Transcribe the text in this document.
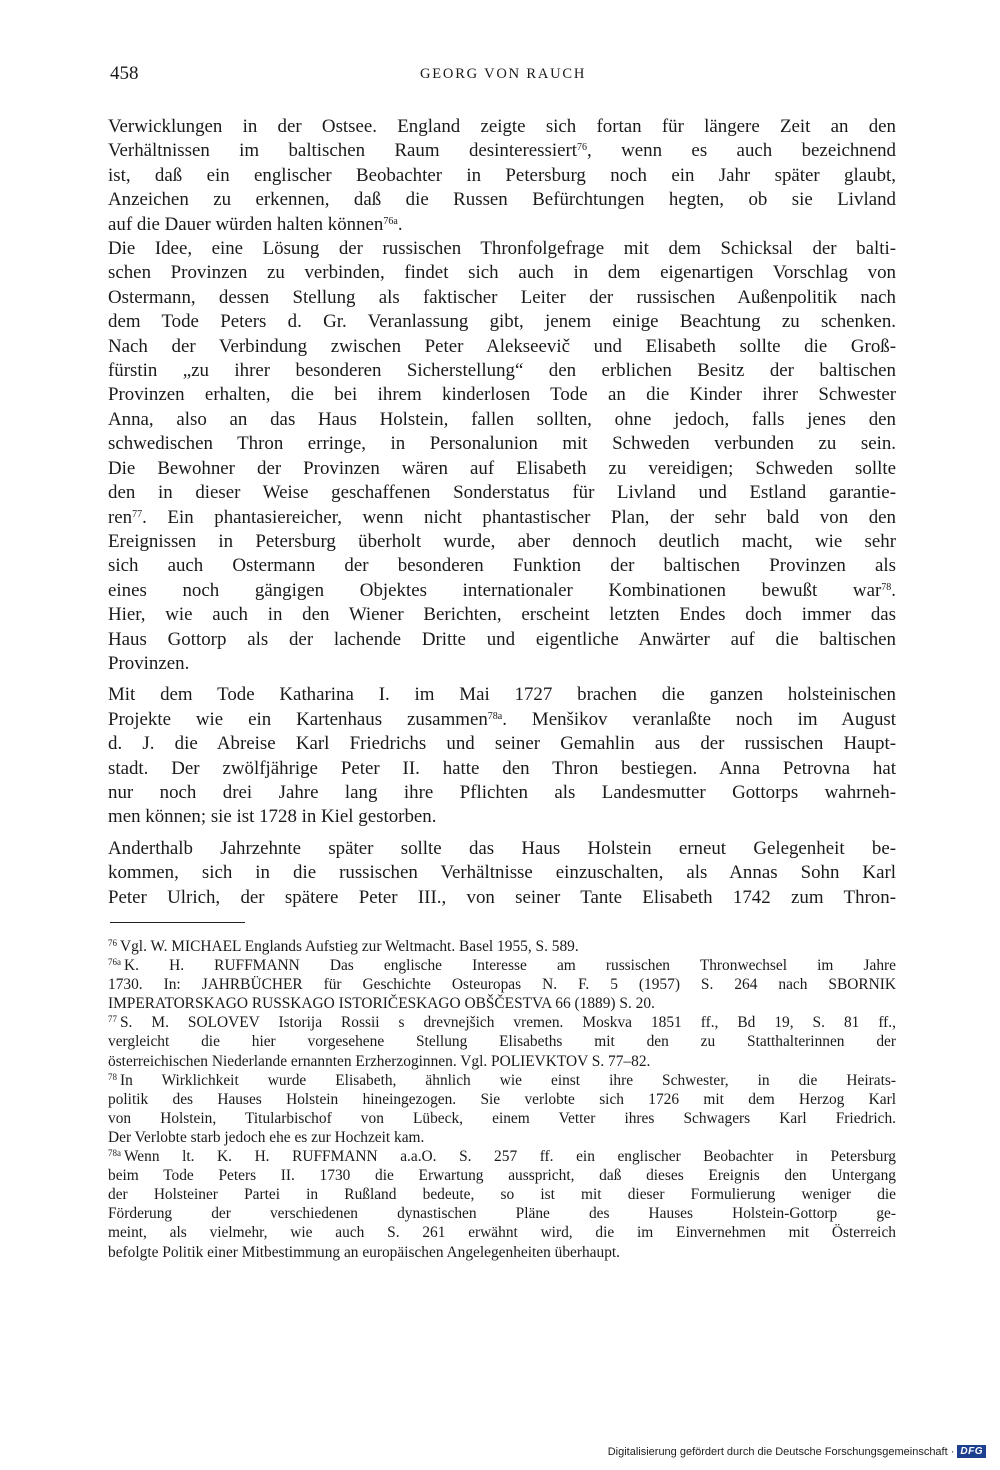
458	GEORG VON RAUCH

Verwicklungen in der Ostsee. England zeigte sich fortan für längere Zeit an den
Verhältnissen im baltischen Raum desinteressiert$^{76}$, wenn es auch bezeichnend
ist, daß ein englischer Beobachter in Petersburg noch ein Jahr später glaubt,
Anzeichen zu erkennen, daß die Russen Befürchtungen hegten, ob sie Livland
auf die Dauer würden halten können$^{76a}$.

Die Idee, eine Lösung der russischen Thronfolgefrage mit dem Schicksal der balti-
schen Provinzen zu verbinden, findet sich auch in dem eigenartigen Vorschlag von
Ostermann, dessen Stellung als faktischer Leiter der russischen Außenpolitik nach
dem Tode Peters d. Gr. Veranlassung gibt, jenem einige Beachtung zu schenken.
Nach der Verbindung zwischen Peter Alekseevič und Elisabeth sollte die Groß-
fürstin „zu ihrer besonderen Sicherstellung“ den erblichen Besitz der baltischen
Provinzen erhalten, die bei ihrem kinderlosen Tode an die Kinder ihrer Schwester
Anna, also an das Haus Holstein, fallen sollten, ohne jedoch, falls jenes den
schwedischen Thron erringe, in Personalunion mit Schweden verbunden zu sein.
Die Bewohner der Provinzen wären auf Elisabeth zu vereidigen; Schweden sollte
den in dieser Weise geschaffenen Sonderstatus für Livland und Estland garantie-
ren$^{77}$. Ein phantasiereicher, wenn nicht phantastischer Plan, der sehr bald von den
Ereignissen in Petersburg überholt wurde, aber dennoch deutlich macht, wie sehr
sich auch Ostermann der besonderen Funktion der baltischen Provinzen als
eines noch gängigen Objektes internationaler Kombinationen bewußt war$^{78}$.
Hier, wie auch in den Wiener Berichten, erscheint letzten Endes doch immer das
Haus Gottorp als der lachende Dritte und eigentliche Anwärter auf die baltischen
Provinzen.

Mit dem Tode Katharina I. im Mai 1727 brachen die ganzen holsteinischen
Projekte wie ein Kartenhaus zusammen$^{78a}$. Menšikov veranlaßte noch im August
d. J. die Abreise Karl Friedrichs und seiner Gemahlin aus der russischen Haupt-
stadt. Der zwölfjährige Peter II. hatte den Thron bestiegen. Anna Petrovna hat
nur noch drei Jahre lang ihre Pflichten als Landesmutter Gottorps wahrneh-
men können; sie ist 1728 in Kiel gestorben.

Anderthalb Jahrzehnte später sollte das Haus Holstein erneut Gelegenheit be-
kommen, sich in die russischen Verhältnisse einzuschalten, als Annas Sohn Karl
Peter Ulrich, der spätere Peter III., von seiner Tante Elisabeth 1742 zum Thron-

$^{76}$ Vgl. W. MICHAEL Englands Aufstieg zur Weltmacht. Basel 1955, S. 589.
$^{76a}$ K. H. RUFFMANN Das englische Interesse am russischen Thronwechsel im Jahre
1730. In: JAHRBÜCHER für Geschichte Osteuropas N. F. 5 (1957) S. 264 nach SBORNIK
IMPERATORSKAGO RUSSKAGO ISTORIČESKAGO OBŠČESTVA 66 (1889) S. 20.
$^{77}$ S. M. SOLOVEV Istorija Rossii s drevnejšich vremen. Moskva 1851 ff., Bd 19, S. 81 ff.,
vergleicht die hier vorgesehene Stellung Elisabeths mit den zu Statthalterinnen der
österreichischen Niederlande ernannten Erzherzoginnen. Vgl. POLIEVKTOV S. 77–82.
$^{78}$ In Wirklichkeit wurde Elisabeth, ähnlich wie einst ihre Schwester, in die Heirats-
politik des Hauses Holstein hineingezogen. Sie verlobte sich 1726 mit dem Herzog Karl
von Holstein, Titularbischof von Lübeck, einem Vetter ihres Schwagers Karl Friedrich.
Der Verlobte starb jedoch ehe es zur Hochzeit kam.
$^{78a}$ Wenn lt. K. H. RUFFMANN a.a.O. S. 257 ff. ein englischer Beobachter in Petersburg
beim Tode Peters II. 1730 die Erwartung ausspricht, daß dieses Ereignis den Untergang
der Holsteiner Partei in Rußland bedeute, so ist mit dieser Formulierung weniger die
Förderung der verschiedenen dynastischen Pläne des Hauses Holstein-Gottorp ge-
meint, als vielmehr, wie auch S. 261 erwähnt wird, die im Einvernehmen mit Österreich
befolgte Politik einer Mitbestimmung an europäischen Angelegenheiten überhaupt.
Digitalisierung gefördert durch die Deutsche Forschungsgemeinschaft · DFG
